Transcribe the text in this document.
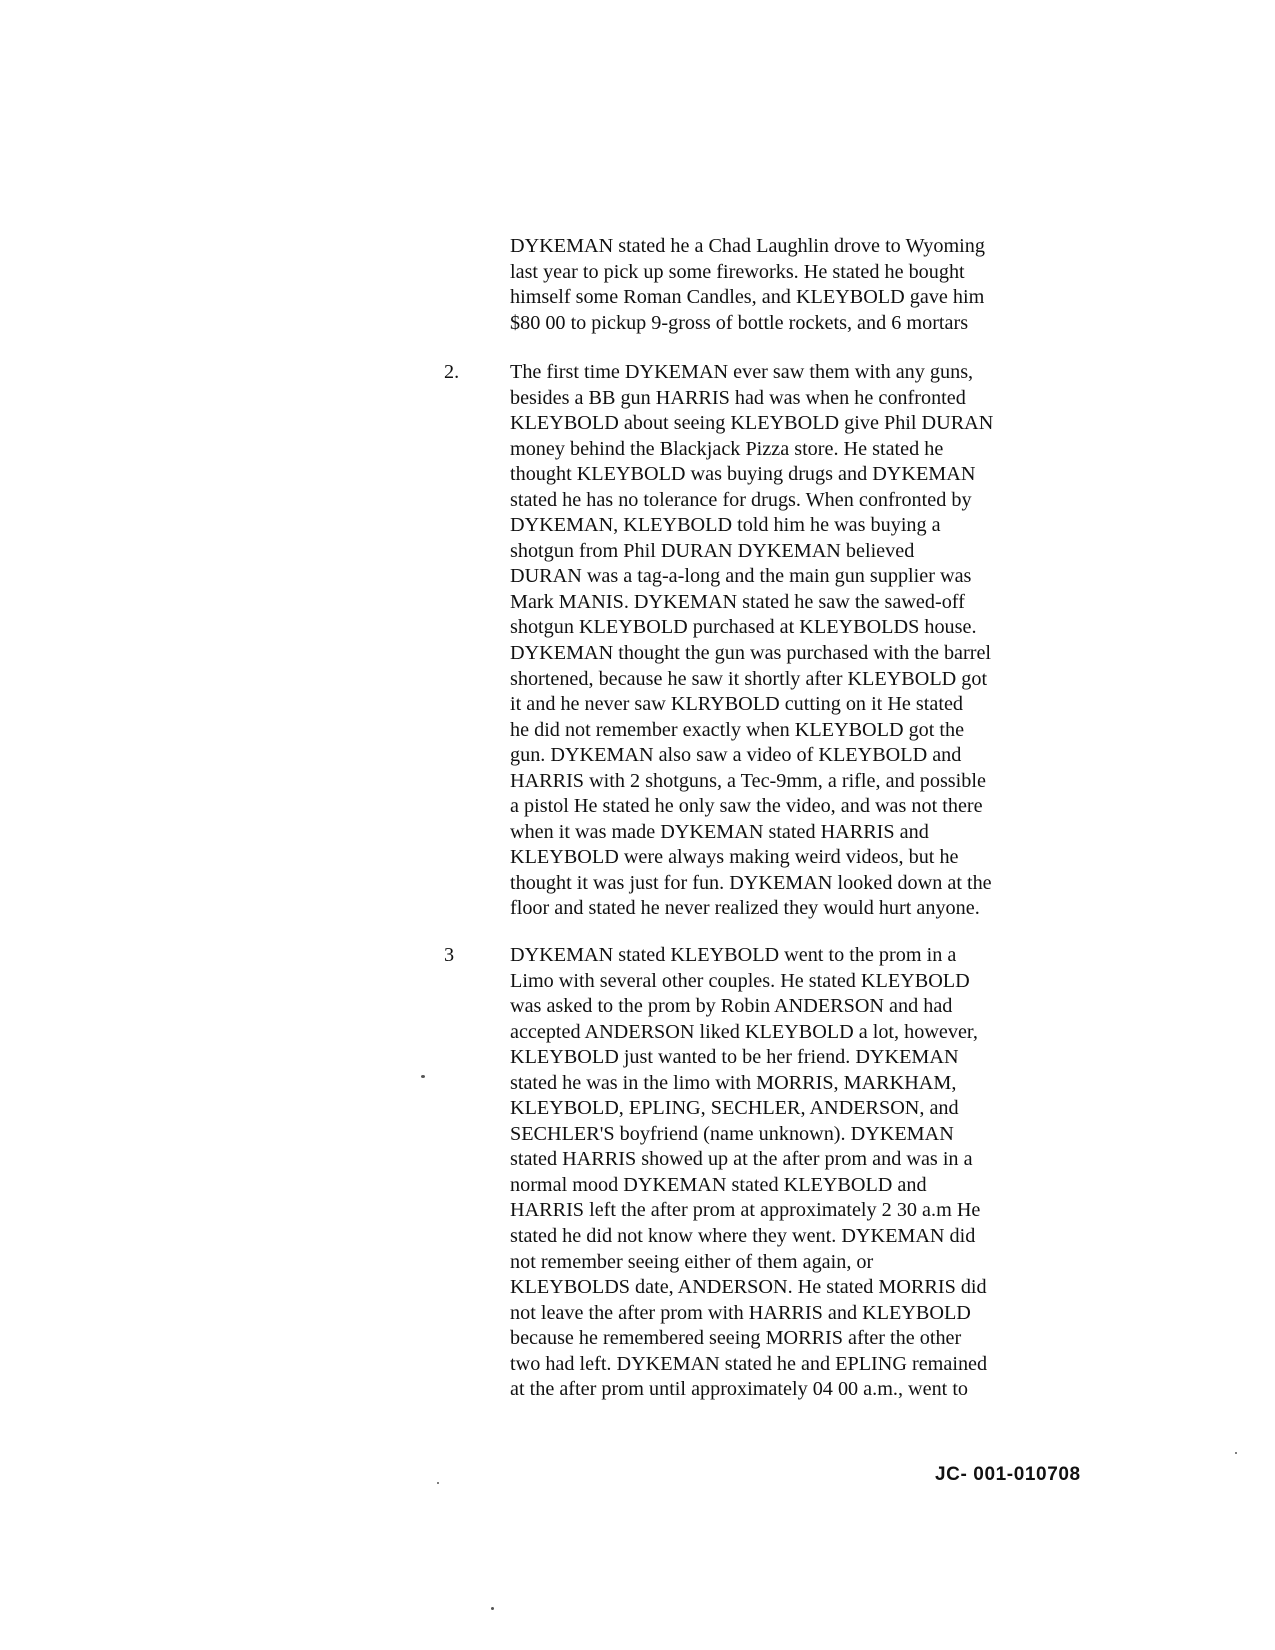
DYKEMAN stated he a Chad Laughlin drove to Wyoming
last year to pick up some fireworks. He stated he bought
himself some Roman Candles, and KLEYBOLD gave him
$80 00 to pickup 9-gross of bottle rockets, and 6 mortars
2.	The first time DYKEMAN ever saw them with any guns,
besides a BB gun HARRIS had was when he confronted
KLEYBOLD about seeing KLEYBOLD give Phil DURAN
money behind the Blackjack Pizza store. He stated he
thought KLEYBOLD was buying drugs and DYKEMAN
stated he has no tolerance for drugs. When confronted by
DYKEMAN, KLEYBOLD told him he was buying a
shotgun from Phil DURAN DYKEMAN believed
DURAN was a tag-a-long and the main gun supplier was
Mark MANIS. DYKEMAN stated he saw the sawed-off
shotgun KLEYBOLD purchased at KLEYBOLDS house.
DYKEMAN thought the gun was purchased with the barrel
shortened, because he saw it shortly after KLEYBOLD got
it and he never saw KLRYBOLD cutting on it He stated
he did not remember exactly when KLEYBOLD got the
gun. DYKEMAN also saw a video of KLEYBOLD and
HARRIS with 2 shotguns, a Tec-9mm, a rifle, and possible
a pistol He stated he only saw the video, and was not there
when it was made DYKEMAN stated HARRIS and
KLEYBOLD were always making weird videos, but he
thought it was just for fun. DYKEMAN looked down at the
floor and stated he never realized they would hurt anyone.
3	DYKEMAN stated KLEYBOLD went to the prom in a
Limo with several other couples. He stated KLEYBOLD
was asked to the prom by Robin ANDERSON and had
accepted ANDERSON liked KLEYBOLD a lot, however,
KLEYBOLD just wanted to be her friend. DYKEMAN
stated he was in the limo with MORRIS, MARKHAM,
KLEYBOLD, EPLING, SECHLER, ANDERSON, and
SECHLER'S boyfriend (name unknown). DYKEMAN
stated HARRIS showed up at the after prom and was in a
normal mood DYKEMAN stated KLEYBOLD and
HARRIS left the after prom at approximately 2 30 a.m He
stated he did not know where they went. DYKEMAN did
not remember seeing either of them again, or
KLEYBOLDS date, ANDERSON. He stated MORRIS did
not leave the after prom with HARRIS and KLEYBOLD
because he remembered seeing MORRIS after the other
two had left. DYKEMAN stated he and EPLING remained
at the after prom until approximately 04 00 a.m., went to
JC- 001-010708
